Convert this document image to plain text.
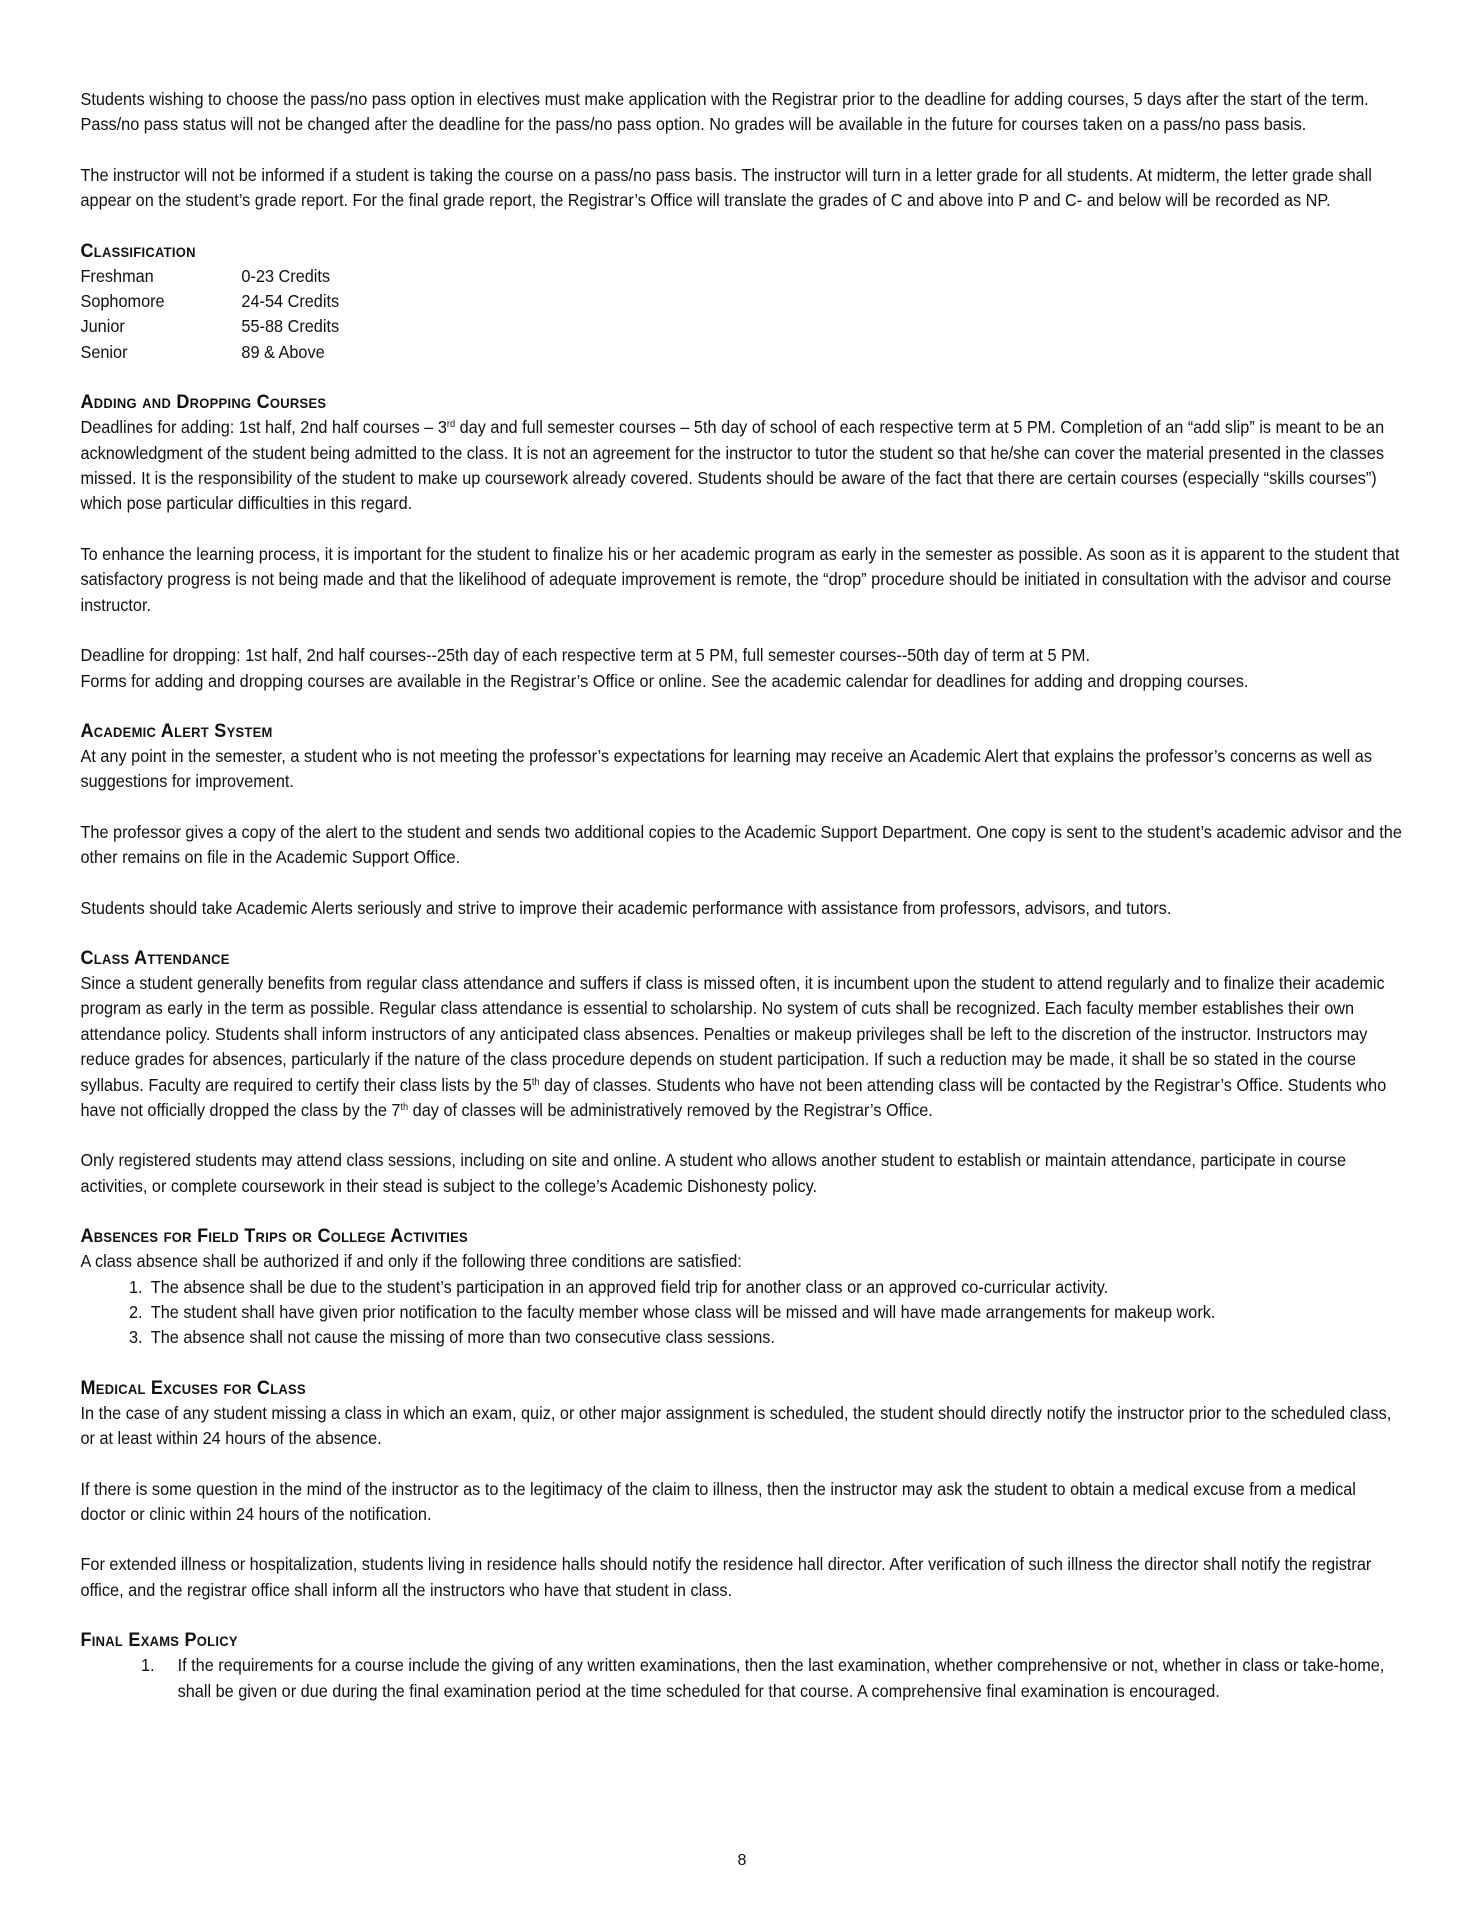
Students wishing to choose the pass/no pass option in electives must make application with the Registrar prior to the deadline for adding courses, 5 days after the start of the term. Pass/no pass status will not be changed after the deadline for the pass/no pass option. No grades will be available in the future for courses taken on a pass/no pass basis.

The instructor will not be informed if a student is taking the course on a pass/no pass basis. The instructor will turn in a letter grade for all students. At midterm, the letter grade shall appear on the student’s grade report. For the final grade report, the Registrar’s Office will translate the grades of C and above into P and C- and below will be recorded as NP.

Classification
Freshman	0-23 Credits
Sophomore	24-54 Credits
Junior	55-88 Credits
Senior	89 & Above
Adding and Dropping Courses

Deadlines for adding: 1st half, 2nd half courses – 3rd day and full semester courses – 5th day of school of each respective term at 5 PM. Completion of an “add slip” is meant to be an acknowledgment of the student being admitted to the class. It is not an agreement for the instructor to tutor the student so that he/she can cover the material presented in the classes missed. It is the responsibility of the student to make up coursework already covered. Students should be aware of the fact that there are certain courses (especially “skills courses”) which pose particular difficulties in this regard.

To enhance the learning process, it is important for the student to finalize his or her academic program as early in the semester as possible. As soon as it is apparent to the student that satisfactory progress is not being made and that the likelihood of adequate improvement is remote, the “drop” procedure should be initiated in consultation with the advisor and course instructor.

Deadline for dropping: 1st half, 2nd half courses--25th day of each respective term at 5 PM, full semester courses--50th day of term at 5 PM.

Forms for adding and dropping courses are available in the Registrar’s Office or online. See the academic calendar for deadlines for adding and dropping courses.

Academic Alert System

At any point in the semester, a student who is not meeting the professor’s expectations for learning may receive an Academic Alert that explains the professor’s concerns as well as suggestions for improvement.

The professor gives a copy of the alert to the student and sends two additional copies to the Academic Support Department. One copy is sent to the student’s academic advisor and the other remains on file in the Academic Support Office.

Students should take Academic Alerts seriously and strive to improve their academic performance with assistance from professors, advisors, and tutors.

Class Attendance

Since a student generally benefits from regular class attendance and suffers if class is missed often, it is incumbent upon the student to attend regularly and to finalize their academic program as early in the term as possible. Regular class attendance is essential to scholarship. No system of cuts shall be recognized. Each faculty member establishes their own attendance policy. Students shall inform instructors of any anticipated class absences. Penalties or makeup privileges shall be left to the discretion of the instructor. Instructors may reduce grades for absences, particularly if the nature of the class procedure depends on student participation. If such a reduction may be made, it shall be so stated in the course syllabus. Faculty are required to certify their class lists by the 5th day of classes. Students who have not been attending class will be contacted by the Registrar’s Office. Students who have not officially dropped the class by the 7th day of classes will be administratively removed by the Registrar’s Office.

Only registered students may attend class sessions, including on site and online. A student who allows another student to establish or maintain attendance, participate in course activities, or complete coursework in their stead is subject to the college’s Academic Dishonesty policy.

Absences for Field Trips or College Activities

A class absence shall be authorized if and only if the following three conditions are satisfied:

1. The absence shall be due to the student’s participation in an approved field trip for another class or an approved co-curricular activity.
2. The student shall have given prior notification to the faculty member whose class will be missed and will have made arrangements for makeup work.
3. The absence shall not cause the missing of more than two consecutive class sessions.
Medical Excuses for Class

In the case of any student missing a class in which an exam, quiz, or other major assignment is scheduled, the student should directly notify the instructor prior to the scheduled class, or at least within 24 hours of the absence.

If there is some question in the mind of the instructor as to the legitimacy of the claim to illness, then the instructor may ask the student to obtain a medical excuse from a medical doctor or clinic within 24 hours of the notification.

For extended illness or hospitalization, students living in residence halls should notify the residence hall director. After verification of such illness the director shall notify the registrar office, and the registrar office shall inform all the instructors who have that student in class.

Final Exams Policy
1. If the requirements for a course include the giving of any written examinations, then the last examination, whether comprehensive or not, whether in class or take-home, shall be given or due during the final examination period at the time scheduled for that course. A comprehensive final examination is encouraged.
8
